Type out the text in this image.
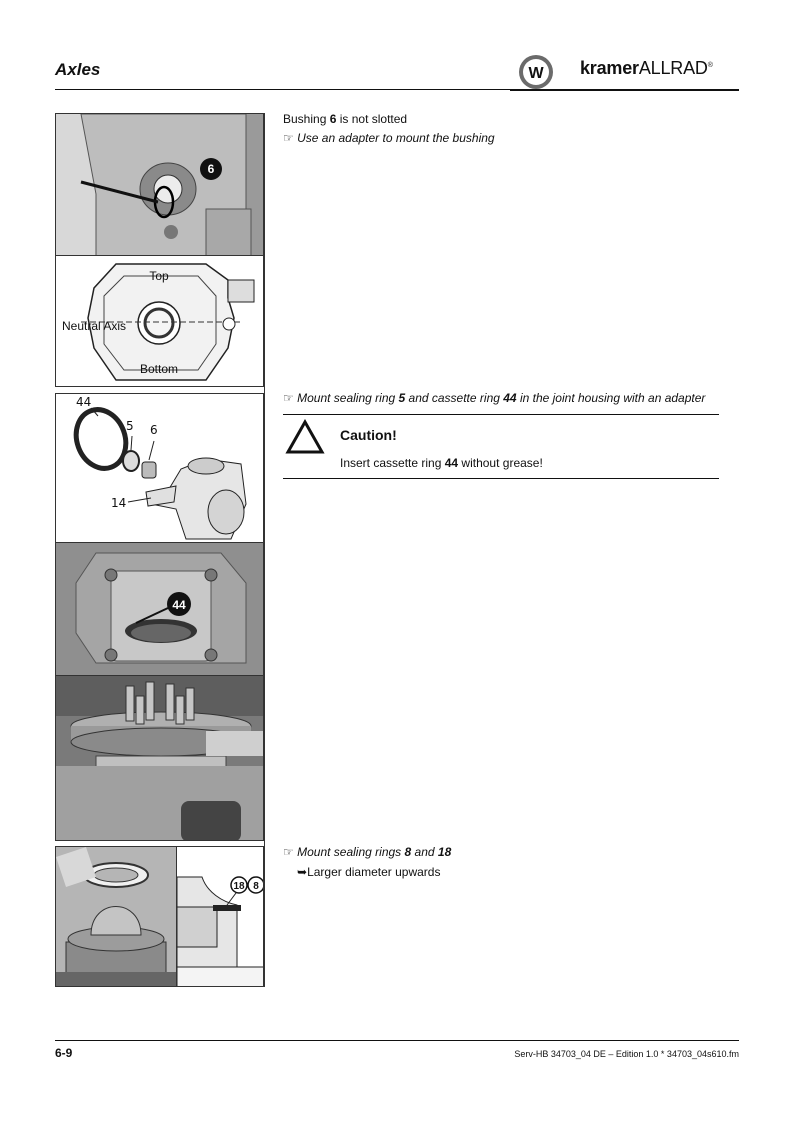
Axles	W kramerALLRAD®
6
Top
Neutral Axis
Bottom
44
5 6
14
44
18 8
Bushing 6 is not slotted
☞ Use an adapter to mount the bushing
☞ Mount sealing ring 5 and cassette ring 44 in the joint housing with an adapter
Caution!
Insert cassette ring 44 without grease!
☞ Mount sealing rings 8 and 18
➥Larger diameter upwards
6-9	Serv-HB 34703_04 DE – Edition 1.0 * 34703_04s610.fm
